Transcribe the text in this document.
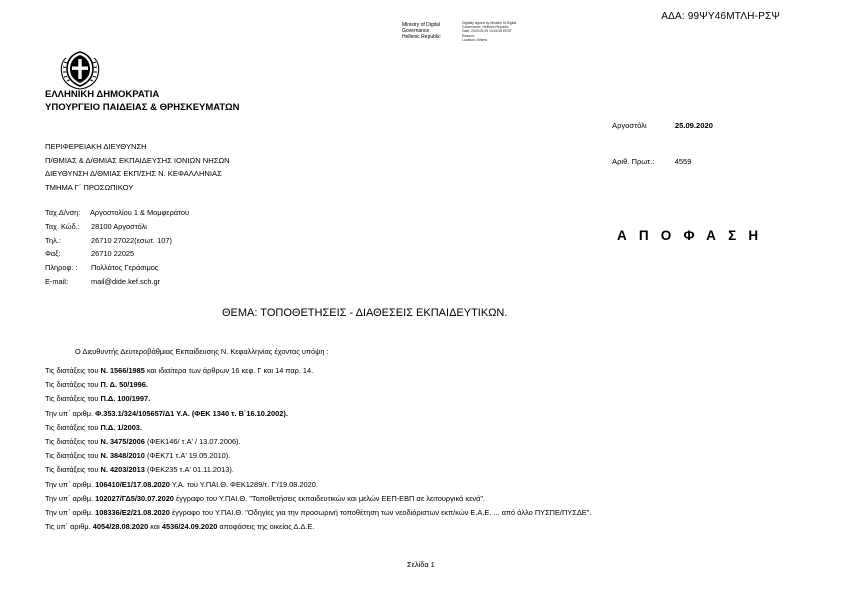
ΑΔΑ: 99ΨΥ46ΜΤΛΗ-ΡΣΨ
Ministry of Digital
Governance
Hellenic Republic
Digitally signed by Ministry of Digital Governance, Hellenic Republic
Date: 2020.09.25 13:15:25 EEST
Reason:
Location: Athens
ΕΛΛΗΝΙΚΗ ΔΗΜΟΚΡΑΤΙΑ
ΥΠΟΥΡΓΕΙΟ ΠΑΙΔΕΙΑΣ & ΘΡΗΣΚΕΥΜΑΤΩΝ
Αργοστόλι	25.09.2020
ΠΕΡΙΦΕΡΕΙΑΚΗ ΔΙΕΥΘΥΝΣΗ
Π/ΘΜΙΑΣ & Δ/ΘΜΙΑΣ ΕΚΠΑΙΔΕΥΣΗΣ ΙΟΝΙΩΝ ΝΗΣΩΝ
ΔΙΕΥΘΥΝΣΗ Δ/ΘΜΙΑΣ ΕΚΠ/ΣΗΣ Ν. ΚΕΦΑΛΛΗΝΙΑΣ
ΤΜΗΜΑ Γ΄ ΠΡΟΣΩΠΙΚΟΥ
Αριθ. Πρωτ.:	4559
Ταχ.Δ/νση:	Αργοστολίου 1 & Μομφεράτου
Ταχ. Κώδ.:	28100 Αργοστόλι
Τηλ.:	26710 27022(εσωτ. 107)
Φαξ:	26710 22025
Πληροφ. :	Πολλάτος Γεράσιμος
E-mail:	mail@dide.kef.sch.gr
Α Π Ο Φ Α Σ Η
ΘΕΜΑ: ΤΟΠΟΘΕΤΗΣΕΙΣ - ΔΙΑΘΕΣΕΙΣ ΕΚΠΑΙΔΕΥΤΙΚΩΝ.
Ο Διευθυντής Δευτεροβάθμιας Εκπαίδευσης Ν. Κεφαλληνίας έχοντας υπόψη :
Τις διατάξεις του Ν. 1566/1985 και ιδιαίτερα των άρθρων 16 κεφ. Γ και 14 παρ. 14.
Τις διατάξεις του Π. Δ. 50/1996.
Τις διατάξεις του Π.Δ. 100/1997.
Την υπ΄ αριθμ. Φ.353.1/324/105657/Δ1 Υ.Α. (ΦΕΚ 1340 τ. Β΄16.10.2002).
Τις διατάξεις του Π.Δ. 1/2003.
Τις διατάξεις του Ν. 3475/2006 (ΦΕΚ146/ τ.Α' / 13.07.2006).
Τις διατάξεις του Ν. 3848/2010 (ΦΕΚ71 τ.Α' 19.05.2010).
Τις διατάξεις του Ν. 4203/2013 (ΦΕΚ235 τ.Α' 01.11.2013).
Την υπ΄ αριθμ. 106410/Ε1/17.08.2020 Υ.Α. του Υ.ΠΑΙ.Θ. ΦΕΚ1289/τ. Γ'/19.08.2020.
Την υπ΄ αριθμ. 102027/ΓΔ5/30.07.2020 έγγραφο του Υ.ΠΑΙ.Θ. "Τοποθετήσεις εκπαιδευτικών και μελών ΕΕΠ-ΕΒΠ σε λειτουργικά κενά".
Την υπ΄ αριθμ. 108336/Ε2/21.08.2020 έγγραφο του Υ.ΠΑΙ.Θ. "Οδηγίες για την προσωρινή τοποθέτηση των νεοδιόριστων εκπ/κών Ε.Α.Ε. ... από άλλο ΠΥΣΠΕ/ΠΥΣΔΕ".
Τις υπ΄ αριθμ. 4054/28.08.2020 και 4536/24.09.2020 αποφάσεις της οικείας Δ.Δ.Ε.
Σελίδα 1
